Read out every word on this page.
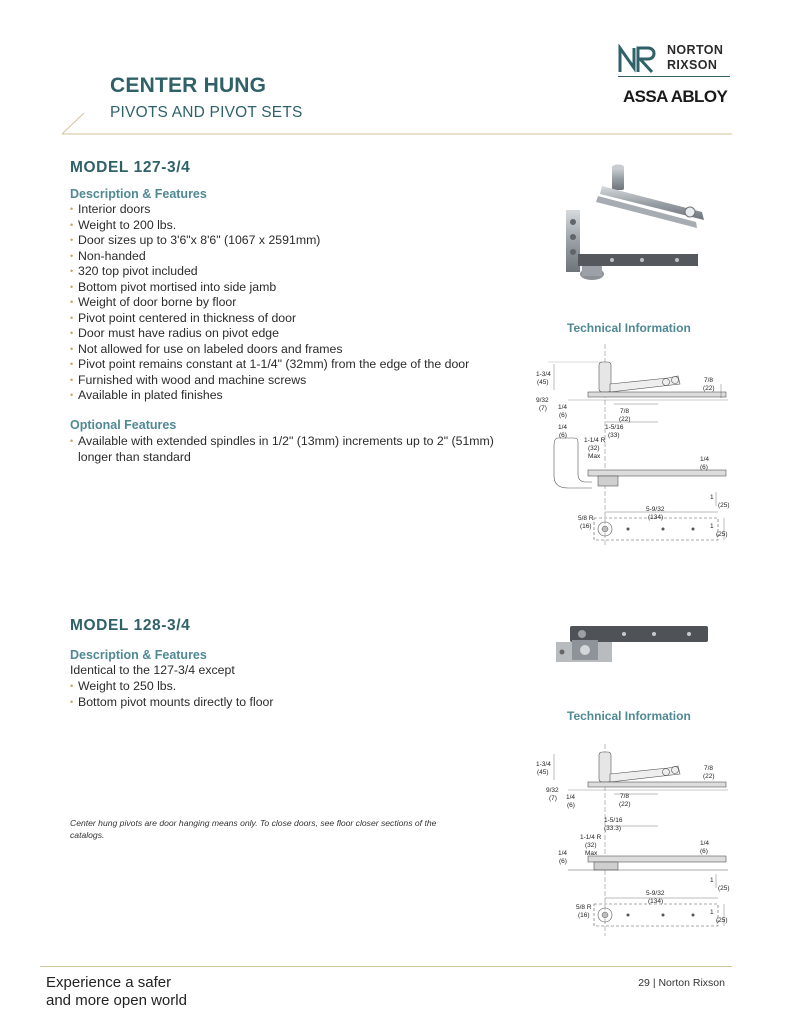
NORTON
RIXSON
ASSA ABLOY
CENTER HUNG
PIVOTS AND PIVOT SETS
MODEL 127-3/4
Description & Features
• Interior doors
• Weight to 200 lbs.
• Door sizes up to 3'6"x 8'6" (1067 x 2591mm)
• Non-handed
• 320 top pivot included
• Bottom pivot mortised into side jamb
• Weight of door borne by floor
• Pivot point centered in thickness of door
• Door must have radius on pivot edge
• Not allowed for use on labeled doors and frames
• Pivot point remains constant at 1-1/4" (32mm) from the edge of the door
• Furnished with wood and machine screws
• Available in plated finishes
Optional Features
• Available with extended spindles in 1/2" (13mm) increments up to 2" (51mm) longer than standard
Technical Information
1-3/4
(45)
9/32
(7) 1/4
(6)
7/8
(22)
7/8
(22)
1-5/16
(33)
1/4
(6)
1-1/4 R
(32)
Max	1/4
(6)
1
(25)
5-9/32
(134)
5/8 R
(16)	1
(25)
MODEL 128-3/4
Description & Features
Identical to the 127-3/4 except
• Weight to 250 lbs.
• Bottom pivot mounts directly to floor
Technical Information
1-3/4
(45)
9/32
(7) 1/4
(6)
7/8
(22)
7/8
(22)
1-5/16
(33.3)
1-1/4 R
(32)
Max
1/4
(6)
1/4
(6)
1
(25)
5-9/32
(134)
5/8 R
(16)	1
(25)
Center hung pivots are door hanging means only. To close doors, see floor closer sections of the catalogs.
Experience a safer
and more open world
29 | Norton Rixson
